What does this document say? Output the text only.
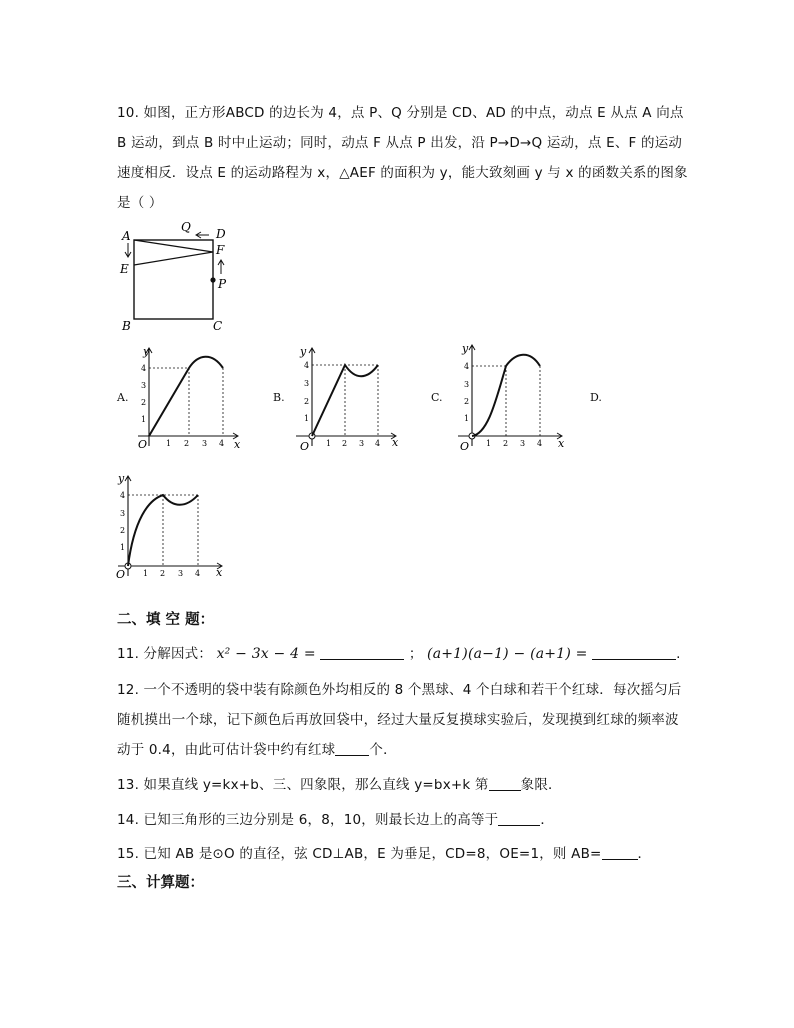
10. 如图，正方形ABCD 的边长为 4，点 P、Q 分别是 CD、AD 的中点，动点 E 从点 A 向点
B 运动，到点 B 时中止运动；同时，动点 F 从点 P 出发，沿 P→D→Q 运动，点 E、F 的运动
速度相反．设点 E 的运动路程为 x，△AEF 的面积为 y，能大致刻画 y 与 x 的函数关系的图象
是（ ）
A	D
F
E
Q
P
B	C
A.	B.	C.	D.
y
x
O 1 2 3 4
4
3
2
1
y
x
O 1 2 3 4
4
3
2
1
y
x
O 1 2 3 4
4
3
2
1
y
x
O 1 2 3 4
4
3
2
1
二、填 空 题：
11. 分解因式： x² − 3x − 4 =	； (a+1)(a−1) − (a+1) =	.
12. 一个不透明的袋中装有除颜色外均相反的 8 个黑球、4 个白球和若干个红球．每次摇匀后
随机摸出一个球，记下颜色后再放回袋中，经过大量反复摸球实验后，发现摸到红球的频率波
动于 0.4，由此可估计袋中约有红球	个．
13. 如果直线 y=kx+b、三、四象限，那么直线 y=bx+k 第 象限．
14. 已知三角形的三边分别是 6，8，10，则最长边上的高等于	．
15. 已知 AB 是⊙O 的直径，弦 CD⊥AB，E 为垂足，CD=8，OE=1，则 AB=	．
三、计算题：
